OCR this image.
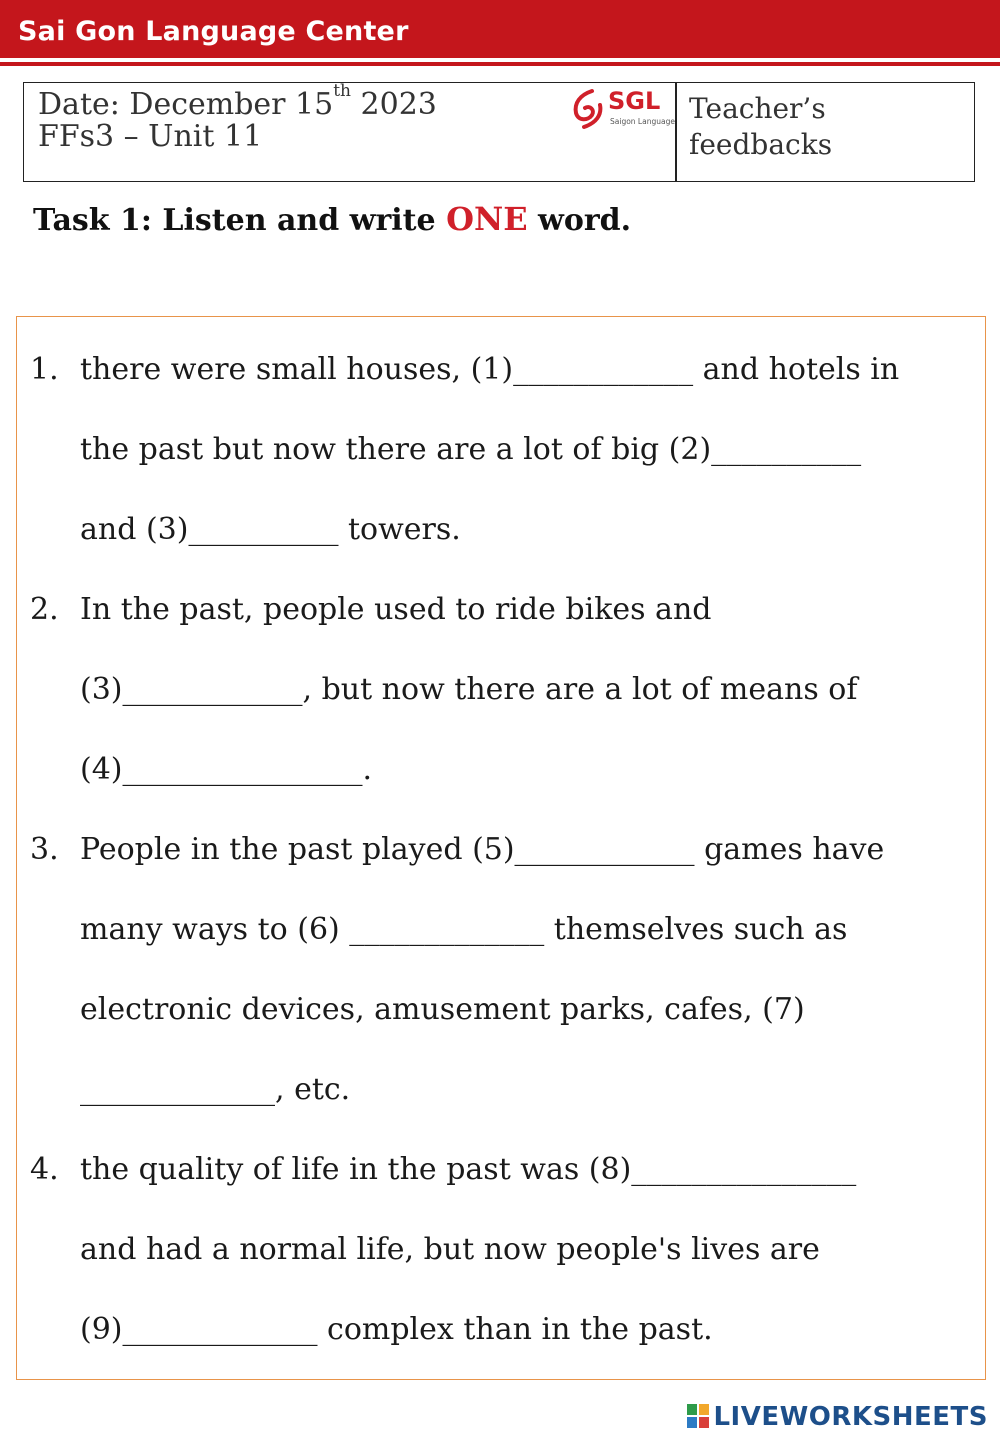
Sai Gon Language Center
Date: December 15th 2023
FFs3 – Unit 11
SGL
Saigon Language Teacher’s
feedbacks
Task 1: Listen and write ONE word.
1. there were small houses, (1)____________ and hotels in
the past but now there are a lot of big (2)__________
and (3)__________ towers.
2. In the past, people used to ride bikes and
(3)____________, but now there are a lot of means of
(4)________________.
3. People in the past played (5)____________ games have
many ways to (6) _____________ themselves such as
electronic devices, amusement parks, cafes, (7)
_____________, etc.
4. the quality of life in the past was (8)_______________
and had a normal life, but now people's lives are
(9)_____________ complex than in the past.
LIVEWORKSHEETS
